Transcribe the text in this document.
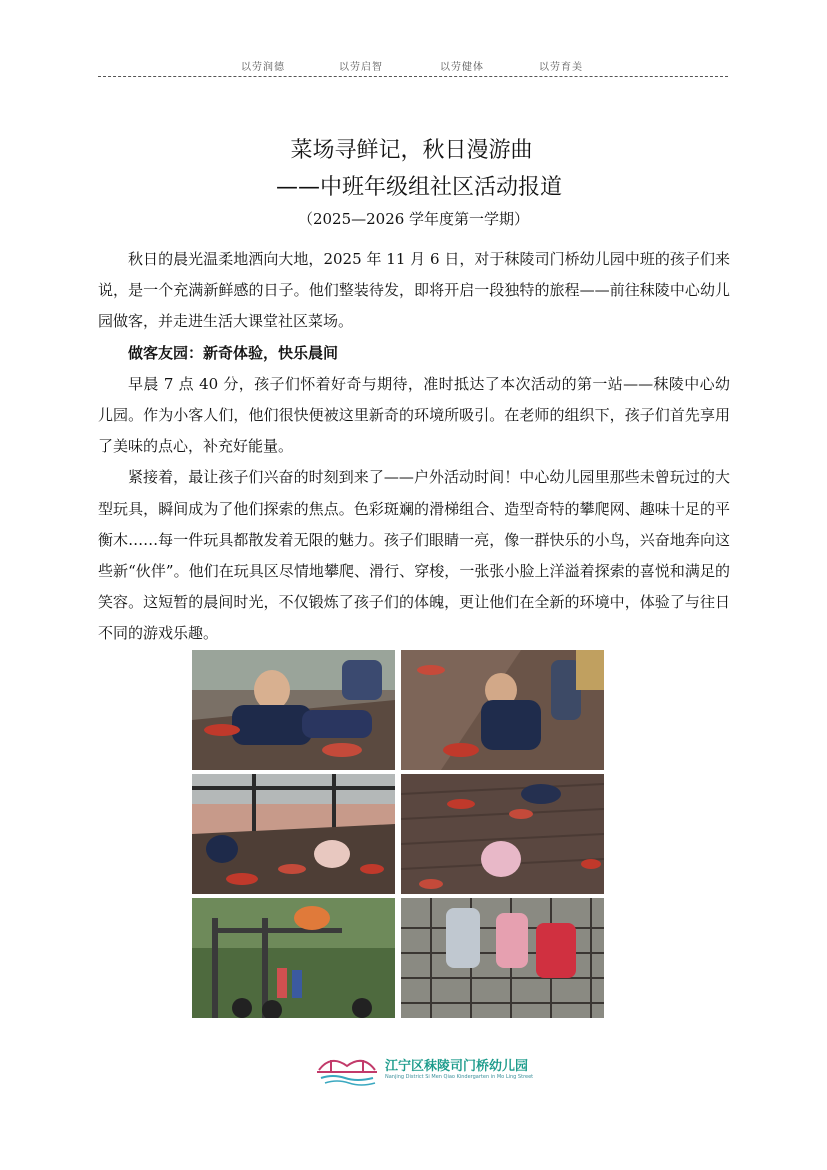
以劳润德	以劳启智	以劳健体	以劳育美
菜场寻鲜记，秋日漫游曲
——中班年级组社区活动报道
（2025—2026 学年度第一学期）

秋日的晨光温柔地洒向大地，2025 年 11 月 6 日，对于秣陵司门桥幼儿园中班的孩子们来说，是一个充满新鲜感的日子。他们整装待发，即将开启一段独特的旅程——前往秣陵中心幼儿园做客，并走进生活大课堂社区菜场。

做客友园：新奇体验，快乐晨间

早晨 7 点 40 分，孩子们怀着好奇与期待，准时抵达了本次活动的第一站——秣陵中心幼儿园。作为小客人们，他们很快便被这里新奇的环境所吸引。在老师的组织下，孩子们首先享用了美味的点心，补充好能量。

紧接着，最让孩子们兴奋的时刻到来了——户外活动时间！中心幼儿园里那些未曾玩过的大型玩具，瞬间成为了他们探索的焦点。色彩斑斓的滑梯组合、造型奇特的攀爬网、趣味十足的平衡木……每一件玩具都散发着无限的魅力。孩子们眼睛一亮，像一群快乐的小鸟，兴奋地奔向这些新“伙伴”。他们在玩具区尽情地攀爬、滑行、穿梭，一张张小脸上洋溢着探索的喜悦和满足的笑容。这短暂的晨间时光，不仅锻炼了孩子们的体魄，更让他们在全新的环境中，体验了与往日不同的游戏乐趣。

江宁区秣陵司门桥幼儿园
Nanjing District Si Men Qiao Kindergarten in Mo Ling Street
